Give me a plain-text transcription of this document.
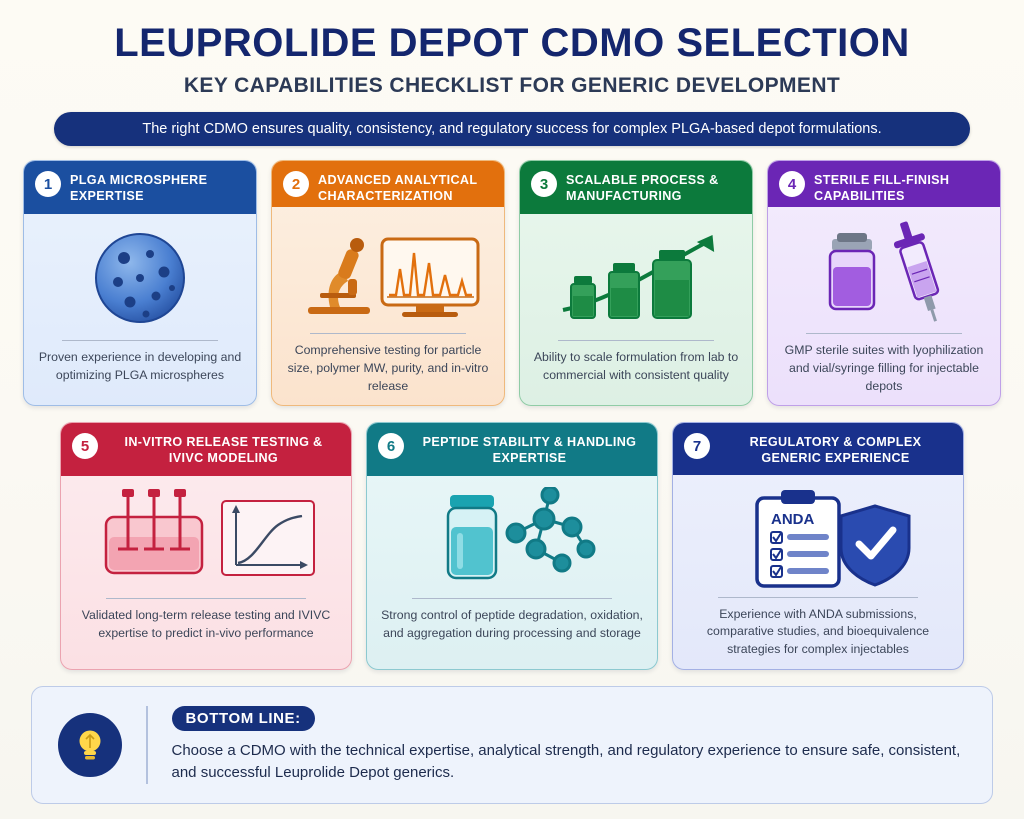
LEUPROLIDE DEPOT CDMO SELECTION
KEY CAPABILITIES CHECKLIST FOR GENERIC DEVELOPMENT
The right CDMO ensures quality, consistency, and regulatory success for complex PLGA-based depot formulations.
1	PLGA MICROSPHERE EXPERTISE
Proven experience in developing and optimizing PLGA microspheres
2	ADVANCED ANALYTICAL CHARACTERIZATION
Comprehensive testing for particle size, polymer MW, purity, and in-vitro release
3	SCALABLE PROCESS & MANUFACTURING
Ability to scale formulation from lab to commercial with consistent quality
4	STERILE FILL-FINISH CAPABILITIES
GMP sterile suites with lyophilization and vial/syringe filling for injectable depots
5	IN-VITRO RELEASE TESTING & IVIVC MODELING
Validated long-term release testing and IVIVC expertise to predict in-vivo performance
6	PEPTIDE STABILITY & HANDLING EXPERTISE
Strong control of peptide degradation, oxidation, and aggregation during processing and storage
7	REGULATORY & COMPLEX GENERIC EXPERIENCE
ANDA
Experience with ANDA submissions, comparative studies, and bioequivalence strategies for complex injectables
BOTTOM LINE:
Choose a CDMO with the technical expertise, analytical strength, and regulatory experience to ensure safe, consistent, and successful Leuprolide Depot generics.
